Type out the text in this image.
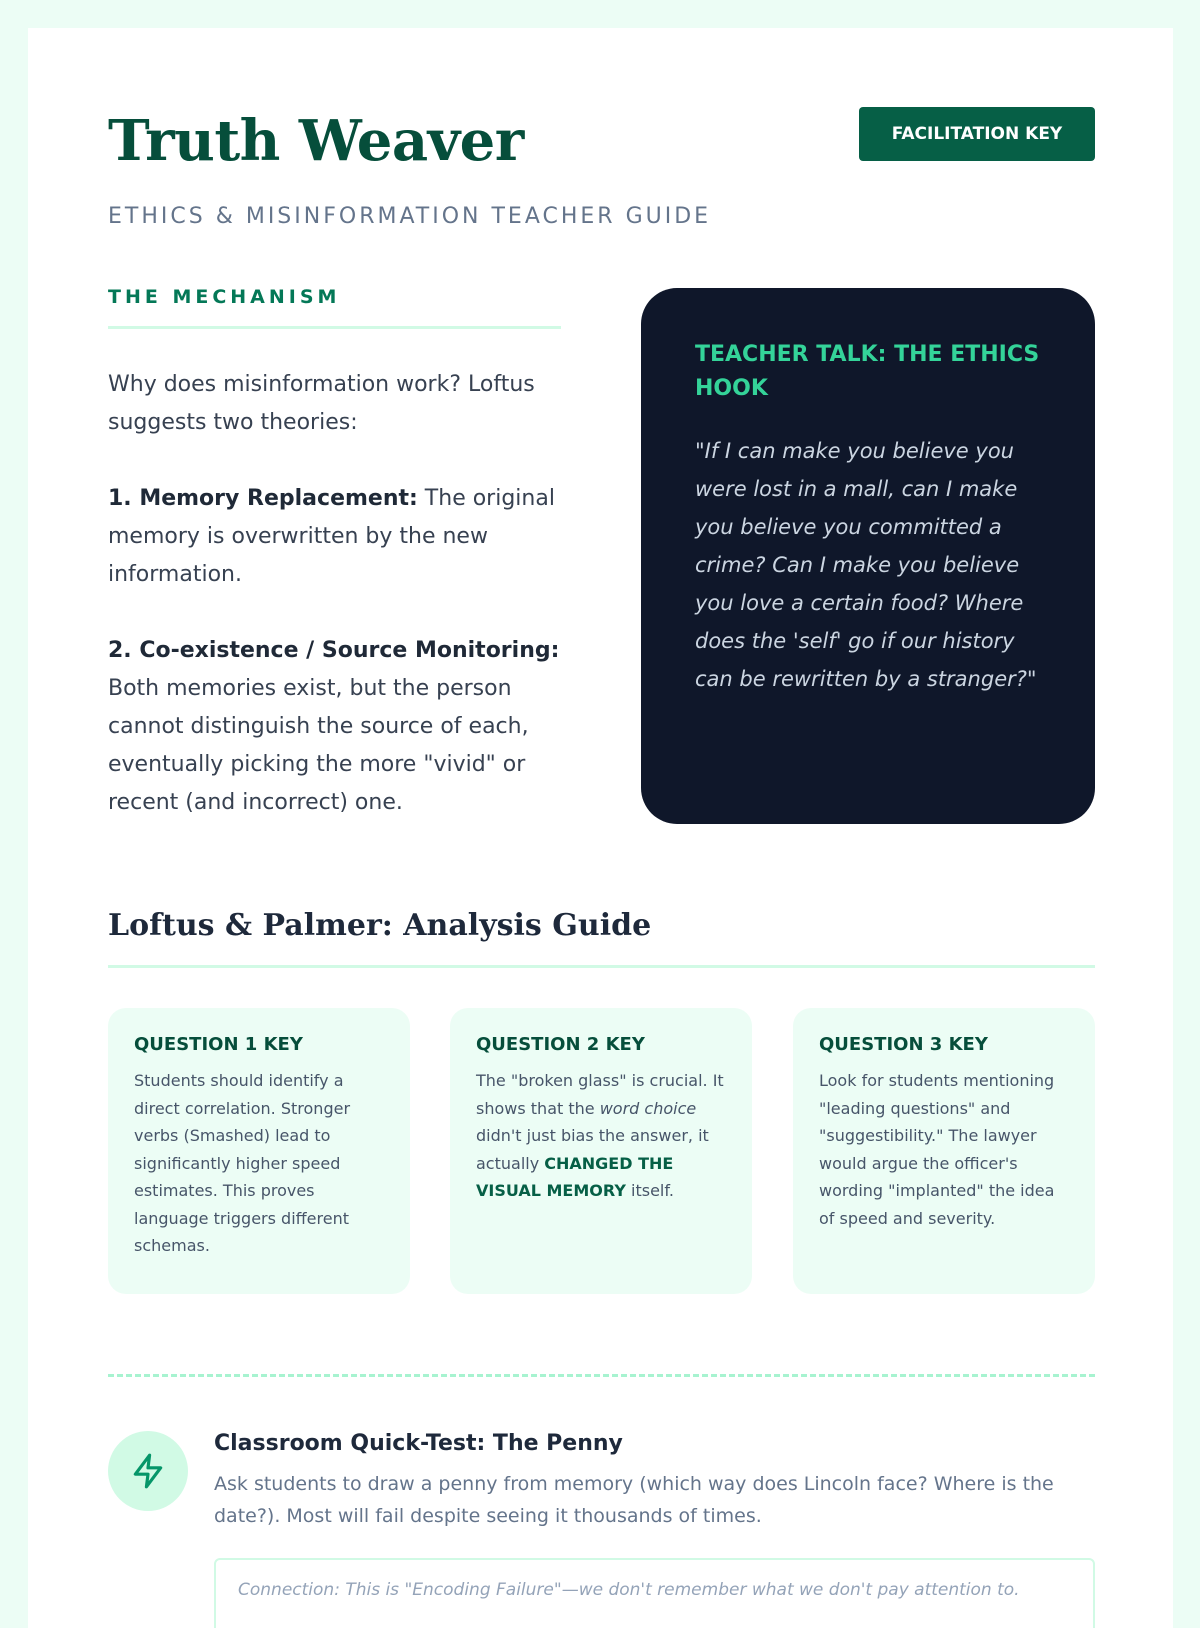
Truth Weaver
ETHICS & MISINFORMATION TEACHER GUIDE
FACILITATION KEY
THE MECHANISM

Why does misinformation work? Loftus suggests two theories:

1. Memory Replacement: The original memory is overwritten by the new information.

2. Co-existence / Source Monitoring: Both memories exist, but the person cannot distinguish the source of each, eventually picking the more "vivid" or recent (and incorrect) one.

TEACHER TALK: THE ETHICS HOOK

"If I can make you believe you were lost in a mall, can I make you believe you committed a crime? Can I make you believe you love a certain food? Where does the 'self' go if our history can be rewritten by a stranger?"

Loftus & Palmer: Analysis Guide
QUESTION 1 KEY
Students should identify a direct correlation. Stronger verbs (Smashed) lead to significantly higher speed estimates. This proves language triggers different schemas.
QUESTION 2 KEY
The "broken glass" is crucial. It shows that the word choice didn't just bias the answer, it actually CHANGED THE VISUAL MEMORY itself.
QUESTION 3 KEY
Look for students mentioning "leading questions" and "suggestibility." The lawyer would argue the officer's wording "implanted" the idea of speed and severity.
Classroom Quick-Test: The Penny

Ask students to draw a penny from memory (which way does Lincoln face? Where is the date?). Most will fail despite seeing it thousands of times.

Connection: This is "Encoding Failure"—we don't remember what we don't pay attention to.
